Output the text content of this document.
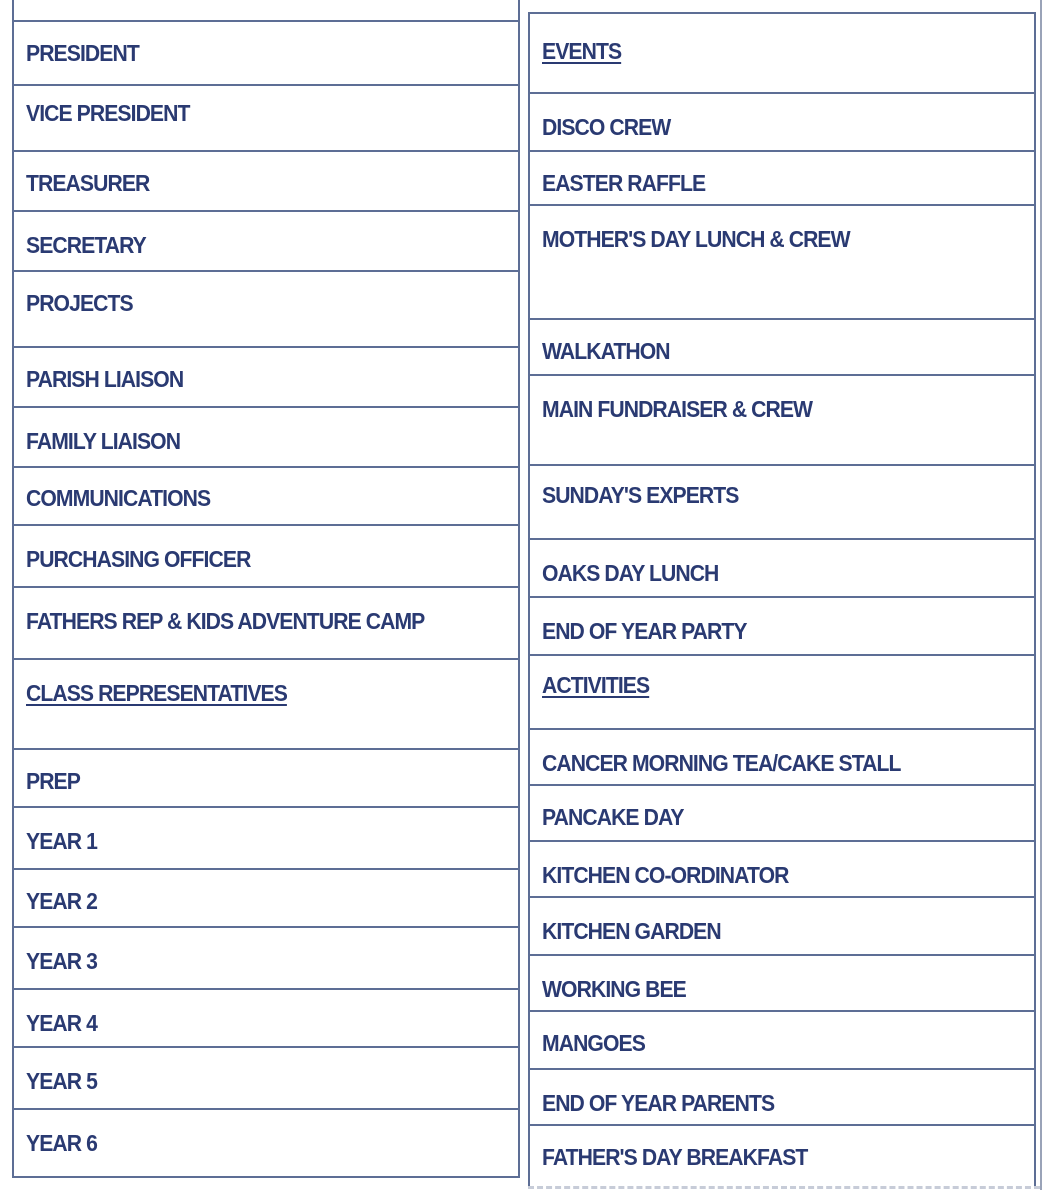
PRESIDENT
VICE PRESIDENT
TREASURER
SECRETARY
PROJECTS
PARISH LIAISON
FAMILY LIAISON
COMMUNICATIONS
PURCHASING OFFICER
FATHERS REP & KIDS ADVENTURE CAMP
CLASS REPRESENTATIVES
PREP
YEAR 1
YEAR 2
YEAR 3
YEAR 4
YEAR 5
YEAR 6
EVENTS
DISCO CREW
EASTER RAFFLE
MOTHER'S DAY LUNCH & CREW
WALKATHON
MAIN FUNDRAISER & CREW
SUNDAY'S EXPERTS
OAKS DAY LUNCH
END OF YEAR PARTY
ACTIVITIES
CANCER MORNING TEA/CAKE STALL
PANCAKE DAY
KITCHEN CO-ORDINATOR
KITCHEN GARDEN
WORKING BEE
MANGOES
END OF YEAR PARENTS
FATHER'S DAY BREAKFAST
